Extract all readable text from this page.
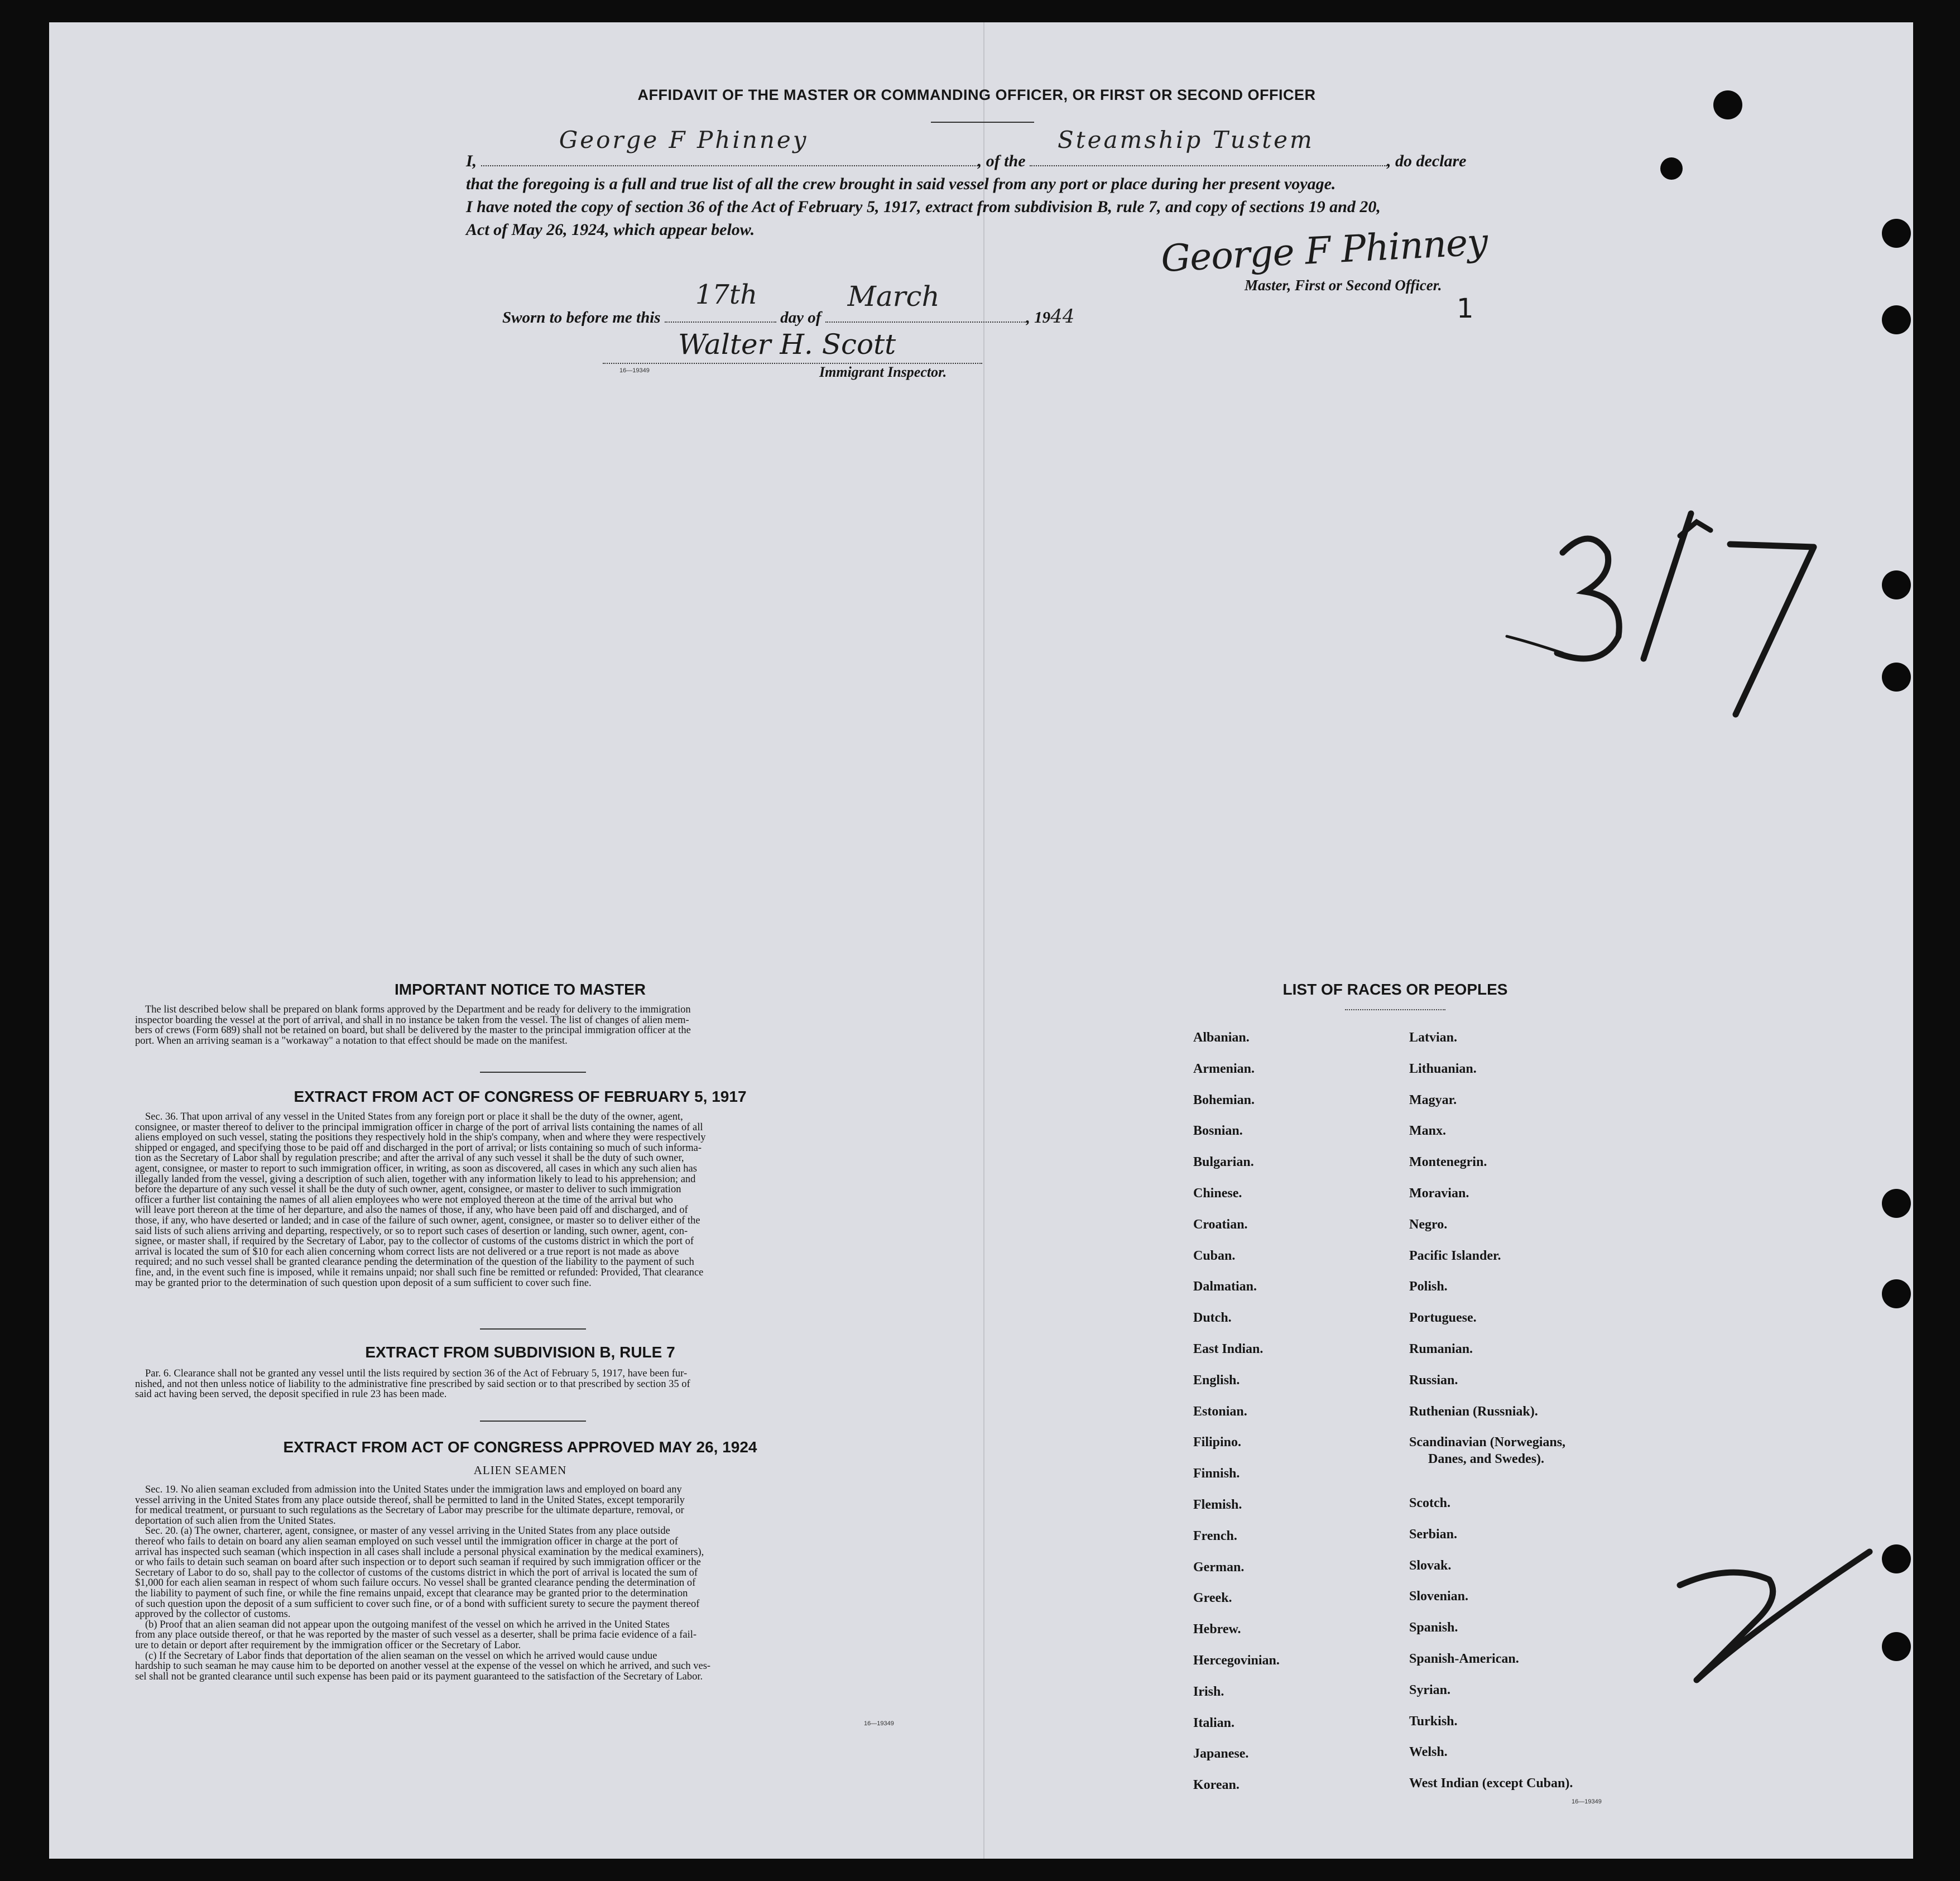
AFFIDAVIT OF THE MASTER OR COMMANDING OFFICER, OR FIRST OR SECOND OFFICER
I,
George F Phinney
, of the
Steamship Tustem
, do declare
that the foregoing is a full and true list of all the crew brought in said vessel from any port or place during her present voyage.
I have noted the copy of section 36 of the Act of February 5, 1917, extract from subdivision B, rule 7, and copy of sections 19 and 20,
Act of May 26, 1924, which appear below.	George F Phinney
Master, First or Second Officer.
Sworn to before me this
17th
day of
March
, 1944
Walter H. Scott
16—19349	Immigrant Inspector.
1
IMPORTANT NOTICE TO MASTER
The list described below shall be prepared on blank forms approved by the Department and be ready for delivery to the immigration
inspector boarding the vessel at the port of arrival, and shall in no instance be taken from the vessel. The list of changes of alien mem-
bers of crews (Form 689) shall not be retained on board, but shall be delivered by the master to the principal immigration officer at the
port. When an arriving seaman is a "workaway" a notation to that effect should be made on the manifest.
EXTRACT FROM ACT OF CONGRESS OF FEBRUARY 5, 1917
Sec. 36. That upon arrival of any vessel in the United States from any foreign port or place it shall be the duty of the owner, agent,
consignee, or master thereof to deliver to the principal immigration officer in charge of the port of arrival lists containing the names of all
aliens employed on such vessel, stating the positions they respectively hold in the ship's company, when and where they were respectively
shipped or engaged, and specifying those to be paid off and discharged in the port of arrival; or lists containing so much of such informa-
tion as the Secretary of Labor shall by regulation prescribe; and after the arrival of any such vessel it shall be the duty of such owner,
agent, consignee, or master to report to such immigration officer, in writing, as soon as discovered, all cases in which any such alien has
illegally landed from the vessel, giving a description of such alien, together with any information likely to lead to his apprehension; and
before the departure of any such vessel it shall be the duty of such owner, agent, consignee, or master to deliver to such immigration
officer a further list containing the names of all alien employees who were not employed thereon at the time of the arrival but who
will leave port thereon at the time of her departure, and also the names of those, if any, who have been paid off and discharged, and of
those, if any, who have deserted or landed; and in case of the failure of such owner, agent, consignee, or master so to deliver either of the
said lists of such aliens arriving and departing, respectively, or so to report such cases of desertion or landing, such owner, agent, con-
signee, or master shall, if required by the Secretary of Labor, pay to the collector of customs of the customs district in which the port of
arrival is located the sum of $10 for each alien concerning whom correct lists are not delivered or a true report is not made as above
required; and no such vessel shall be granted clearance pending the determination of the question of the liability to the payment of such
fine, and, in the event such fine is imposed, while it remains unpaid; nor shall such fine be remitted or refunded: Provided, That clearance
may be granted prior to the determination of such question upon deposit of a sum sufficient to cover such fine.
EXTRACT FROM SUBDIVISION B, RULE 7
Par. 6. Clearance shall not be granted any vessel until the lists required by section 36 of the Act of February 5, 1917, have been fur-
nished, and not then unless notice of liability to the administrative fine prescribed by said section or to that prescribed by section 35 of
said act having been served, the deposit specified in rule 23 has been made.
EXTRACT FROM ACT OF CONGRESS APPROVED MAY 26, 1924
ALIEN SEAMEN
Sec. 19. No alien seaman excluded from admission into the United States under the immigration laws and employed on board any
vessel arriving in the United States from any place outside thereof, shall be permitted to land in the United States, except temporarily
for medical treatment, or pursuant to such regulations as the Secretary of Labor may prescribe for the ultimate departure, removal, or
deportation of such alien from the United States.
Sec. 20. (a) The owner, charterer, agent, consignee, or master of any vessel arriving in the United States from any place outside
thereof who fails to detain on board any alien seaman employed on such vessel until the immigration officer in charge at the port of
arrival has inspected such seaman (which inspection in all cases shall include a personal physical examination by the medical examiners),
or who fails to detain such seaman on board after such inspection or to deport such seaman if required by such immigration officer or the
Secretary of Labor to do so, shall pay to the collector of customs of the customs district in which the port of arrival is located the sum of
$1,000 for each alien seaman in respect of whom such failure occurs. No vessel shall be granted clearance pending the determination of
the liability to payment of such fine, or while the fine remains unpaid, except that clearance may be granted prior to the determination
of such question upon the deposit of a sum sufficient to cover such fine, or of a bond with sufficient surety to secure the payment thereof
approved by the collector of customs.
(b) Proof that an alien seaman did not appear upon the outgoing manifest of the vessel on which he arrived in the United States
from any place outside thereof, or that he was reported by the master of such vessel as a deserter, shall be prima facie evidence of a fail-
ure to detain or deport after requirement by the immigration officer or the Secretary of Labor.
(c) If the Secretary of Labor finds that deportation of the alien seaman on the vessel on which he arrived would cause undue
hardship to such seaman he may cause him to be deported on another vessel at the expense of the vessel on which he arrived, and such ves-
sel shall not be granted clearance until such expense has been paid or its payment guaranteed to the satisfaction of the Secretary of Labor.
16—19349
LIST OF RACES OR PEOPLES
Albanian.
Armenian.
Bohemian.
Bosnian.
Bulgarian.
Chinese.
Croatian.
Cuban.
Dalmatian.
Dutch.
East Indian.
English.
Estonian.
Filipino.
Finnish.
Flemish.
French.
German.
Greek.
Hebrew.
Hercegovinian.
Irish.
Italian.
Japanese.
Korean.
Latvian.
Lithuanian.
Magyar.
Manx.
Montenegrin.
Moravian.
Negro.
Pacific Islander.
Polish.
Portuguese.
Rumanian.
Russian.
Ruthenian (Russniak).
Scandinavian (Norwegians,
Danes, and Swedes).
Scotch.
Serbian.
Slovak.
Slovenian.
Spanish.
Spanish-American.
Syrian.
Turkish.
Welsh.
West Indian (except Cuban).
16—19349
